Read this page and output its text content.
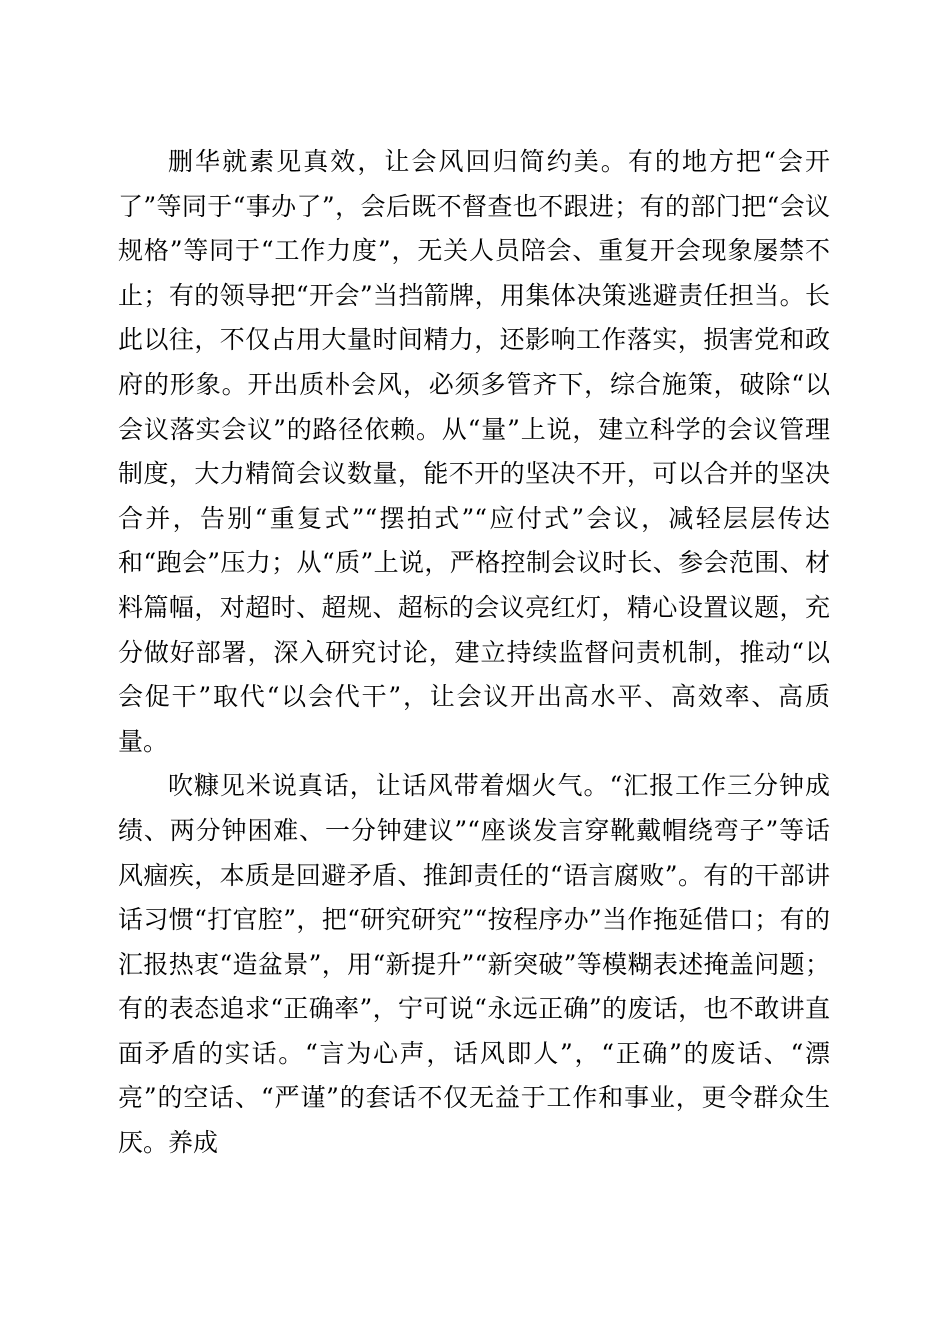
删华就素见真效，让会风回归简约美。有的地方把“会开了”等同于“事办了”，会后既不督查也不跟进；有的部门把“会议规格”等同于“工作力度”，无关人员陪会、重复开会现象屡禁不止；有的领导把“开会”当挡箭牌，用集体决策逃避责任担当。长此以往，不仅占用大量时间精力，还影响工作落实，损害党和政府的形象。开出质朴会风，必须多管齐下，综合施策，破除“以会议落实会议”的路径依赖。从“量”上说，建立科学的会议管理制度，大力精简会议数量，能不开的坚决不开，可以合并的坚决合并，告别“重复式”“摆拍式”“应付式”会议，减轻层层传达和“跑会”压力；从“质”上说，严格控制会议时长、参会范围、材料篇幅，对超时、超规、超标的会议亮红灯，精心设置议题，充分做好部署，深入研究讨论，建立持续监督问责机制，推动“以会促干”取代“以会代干”，让会议开出高水平、高效率、高质量。

吹糠见米说真话，让话风带着烟火气。“汇报工作三分钟成绩、两分钟困难、一分钟建议”“座谈发言穿靴戴帽绕弯子”等话风痼疾，本质是回避矛盾、推卸责任的“语言腐败”。有的干部讲话习惯“打官腔”，把“研究研究”“按程序办”当作拖延借口；有的汇报热衷“造盆景”，用“新提升”“新突破”等模糊表述掩盖问题；有的表态追求“正确率”，宁可说“永远正确”的废话，也不敢讲直面矛盾的实话。“言为心声，话风即人”，“正确”的废话、“漂亮”的空话、“严谨”的套话不仅无益于工作和事业，更令群众生厌。养成
